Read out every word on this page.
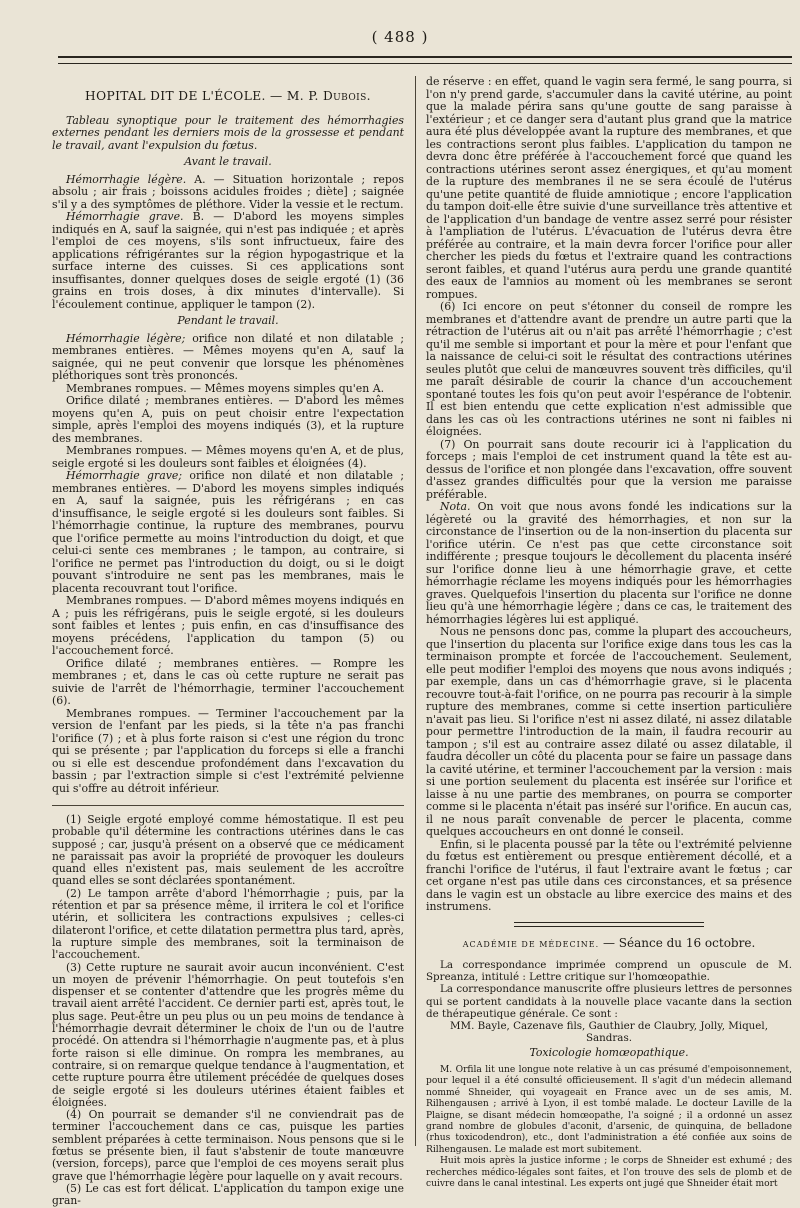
( 488 )

HOPITAL DIT DE L'ÉCOLE. — M. P. Dubois.

Tableau synoptique pour le traitement des hémorrhagies externes pendant les derniers mois de la grossesse et pendant le travail, avant l'expulsion du fœtus.

Avant le travail.

Hémorrhagie légère. A. — Situation horizontale ; repos absolu ; air frais ; boissons acidules froides ; diète] ; saignée s'il y a des symptômes de pléthore. Vider la vessie et le rectum.

Hémorrhagie grave. B. — D'abord les moyens simples indiqués en A, sauf la saignée, qui n'est pas indiquée ; et après l'emploi de ces moyens, s'ils sont infructueux, faire des applications réfrigérantes sur la région hypogastrique et la surface interne des cuisses. Si ces applications sont insuffisantes, donner quelques doses de seigle ergoté (1) (36 grains en trois doses, à dix minutes d'intervalle). Si l'écoulement continue, appliquer le tampon (2).

Pendant le travail.

Hémorrhagie légère; orifice non dilaté et non dilatable ; membranes entières. — Mêmes moyens qu'en A, sauf la saignée, qui ne peut convenir que lorsque les phénomènes pléthoriques sont très prononcés.

Membranes rompues. — Mêmes moyens simples qu'en A.

Orifice dilaté ; membranes entières. — D'abord les mêmes moyens qu'en A, puis on peut choisir entre l'expectation simple, après l'emploi des moyens indiqués (3), et la rupture des membranes.

Membranes rompues. — Mêmes moyens qu'en A, et de plus, seigle ergoté si les douleurs sont faibles et éloignées (4).

Hémorrhagie grave; orifice non dilaté et non dilatable ; membranes entières. — D'abord les moyens simples indiqués en A, sauf la saignée, puis les réfrigérans ; en cas d'insuffisance, le seigle ergoté si les douleurs sont faibles. Si l'hémorrhagie continue, la rupture des membranes, pourvu que l'orifice permette au moins l'introduction du doigt, et que celui-ci sente ces membranes ; le tampon, au contraire, si l'orifice ne permet pas l'introduction du doigt, ou si le doigt pouvant s'introduire ne sent pas les membranes, mais le placenta recouvrant tout l'orifice.

Membranes rompues. — D'abord mêmes moyens indiqués en A ; puis les réfrigérans, puis le seigle ergoté, si les douleurs sont faibles et lentes ; puis enfin, en cas d'insuffisance des moyens précédens, l'application du tampon (5) ou l'accouchement forcé.

Orifice dilaté ; membranes entières. — Rompre les membranes ; et, dans le cas où cette rupture ne serait pas suivie de l'arrêt de l'hémorrhagie, terminer l'accouchement (6).

Membranes rompues. — Terminer l'accouchement par la version de l'enfant par les pieds, si la tête n'a pas franchi l'orifice (7) ; et à plus forte raison si c'est une région du tronc qui se présente ; par l'application du forceps si elle a franchi ou si elle est descendue profondément dans l'excavation du bassin ; par l'extraction simple si c'est l'extrémité pelvienne qui s'offre au détroit inférieur.

(1) Seigle ergoté employé comme hémostatique. Il est peu probable qu'il détermine les contractions utérines dans le cas supposé ; car, jusqu'à présent on a observé que ce médicament ne paraissait pas avoir la propriété de provoquer les douleurs quand elles n'existent pas, mais seulement de les accroître quand elles se sont déclarées spontanément.

(2) Le tampon arrête d'abord l'hémorrhagie ; puis, par la rétention et par sa présence même, il irritera le col et l'orifice utérin, et sollicitera les contractions expulsives ; celles-ci dilateront l'orifice, et cette dilatation permettra plus tard, après, la rupture simple des membranes, soit la terminaison de l'accouchement.

(3) Cette rupture ne saurait avoir aucun inconvénient. C'est un moyen de prévenir l'hémorrhagie. On peut toutefois s'en dispenser et se contenter d'attendre que les progrès même du travail aient arrêté l'accident. Ce dernier parti est, après tout, le plus sage. Peut-être un peu plus ou un peu moins de tendance à l'hémorrhagie devrait déterminer le choix de l'un ou de l'autre procédé. On attendra si l'hémorrhagie n'augmente pas, et à plus forte raison si elle diminue. On rompra les membranes, au contraire, si on remarque quelque tendance à l'augmentation, et cette rupture pourra être utilement précédée de quelques doses de seigle ergoté si les douleurs utérines étaient faibles et éloignées.

(4) On pourrait se demander s'il ne conviendrait pas de terminer l'accouchement dans ce cas, puisque les parties semblent préparées à cette terminaison. Nous pensons que si le fœtus se présente bien, il faut s'abstenir de toute manœuvre (version, forceps), parce que l'emploi de ces moyens serait plus grave que l'hémorrhagie légère pour laquelle on y avait recours.

(5) Le cas est fort délicat. L'application du tampon exige une gran-

de réserve : en effet, quand le vagin sera fermé, le sang pourra, si l'on n'y prend garde, s'accumuler dans la cavité utérine, au point que la malade périra sans qu'une goutte de sang paraisse à l'extérieur ; et ce danger sera d'autant plus grand que la matrice aura été plus développée avant la rupture des membranes, et que les contractions seront plus faibles. L'application du tampon ne devra donc être préférée à l'accouchement forcé que quand les contractions utérines seront assez énergiques, et qu'au moment de la rupture des membranes il ne se sera écoulé de l'utérus qu'une petite quantité de fluide amniotique ; encore l'application du tampon doit-elle être suivie d'une surveillance très attentive et de l'application d'un bandage de ventre assez serré pour résister à l'ampliation de l'utérus. L'évacuation de l'utérus devra être préférée au contraire, et la main devra forcer l'orifice pour aller chercher les pieds du fœtus et l'extraire quand les contractions seront faibles, et quand l'utérus aura perdu une grande quantité des eaux de l'amnios au moment où les membranes se seront rompues.

(6) Ici encore on peut s'étonner du conseil de rompre les membranes et d'attendre avant de prendre un autre parti que la rétraction de l'utérus ait ou n'ait pas arrêté l'hémorrhagie ; c'est qu'il me semble si important et pour la mère et pour l'enfant que la naissance de celui-ci soit le résultat des contractions utérines seules plutôt que celui de manœuvres souvent très difficiles, qu'il me paraît désirable de courir la chance d'un accouchement spontané toutes les fois qu'on peut avoir l'espérance de l'obtenir. Il est bien entendu que cette explication n'est admissible que dans les cas où les contractions utérines ne sont ni faibles ni éloignées.

(7) On pourrait sans doute recourir ici à l'application du forceps ; mais l'emploi de cet instrument quand la tête est au-dessus de l'orifice et non plongée dans l'excavation, offre souvent d'assez grandes difficultés pour que la version me paraisse préférable.

Nota. On voit que nous avons fondé les indications sur la légèreté ou la gravité des hémorrhagies, et non sur la circonstance de l'insertion ou de la non-insertion du placenta sur l'orifice utérin. Ce n'est pas que cette circonstance soit indifférente ; presque toujours le décollement du placenta inséré sur l'orifice donne lieu à une hémorrhagie grave, et cette hémorrhagie réclame les moyens indiqués pour les hémorrhagies graves. Quelquefois l'insertion du placenta sur l'orifice ne donne lieu qu'à une hémorrhagie légère ; dans ce cas, le traitement des hémorrhagies légères lui est appliqué.

Nous ne pensons donc pas, comme la plupart des accoucheurs, que l'insertion du placenta sur l'orifice exige dans tous les cas la terminaison prompte et forcée de l'accouchement. Seulement, elle peut modifier l'emploi des moyens que nous avons indiqués ; par exemple, dans un cas d'hémorrhagie grave, si le placenta recouvre tout-à-fait l'orifice, on ne pourra pas recourir à la simple rupture des membranes, comme si cette insertion particulière n'avait pas lieu. Si l'orifice n'est ni assez dilaté, ni assez dilatable pour permettre l'introduction de la main, il faudra recourir au tampon ; s'il est au contraire assez dilaté ou assez dilatable, il faudra décoller un côté du placenta pour se faire un passage dans la cavité utérine, et terminer l'accouchement par la version : mais si une portion seulement du placenta est insérée sur l'orifice et laisse à nu une partie des membranes, on pourra se comporter comme si le placenta n'était pas inséré sur l'orifice. En aucun cas, il ne nous paraît convenable de percer le placenta, comme quelques accoucheurs en ont donné le conseil.

Enfin, si le placenta poussé par la tête ou l'extrémité pelvienne du fœtus est entièrement ou presque entièrement décollé, et a franchi l'orifice de l'utérus, il faut l'extraire avant le fœtus ; car cet organe n'est pas utile dans ces circonstances, et sa présence dans le vagin est un obstacle au libre exercice des mains et des instrumens.

ACADÉMIE DE MÉDECINE. — Séance du 16 octobre.

La correspondance imprimée comprend un opuscule de M. Spreanza, intitulé : Lettre critique sur l'homœopathie.

La correspondance manuscrite offre plusieurs lettres de personnes qui se portent candidats à la nouvelle place vacante dans la section de thérapeutique générale. Ce sont :

MM. Bayle, Cazenave fils, Gauthier de Claubry, Jolly, Miquel, Sandras.

Toxicologie homœopathique.

M. Orfila lit une longue note relative à un cas présumé d'empoisonnement, pour lequel il a été consulté officieusement. Il s'agit d'un médecin allemand nommé Shneider, qui voyageait en France avec un de ses amis, M. Rilhengausen ; arrivé à Lyon, il est tombé malade. Le docteur Laville de la Plaigne, se disant médecin homœopathe, l'a soigné ; il a ordonné un assez grand nombre de globules d'aconit, d'arsenic, de quinquina, de belladone (rhus toxicodendron), etc., dont l'administration a été confiée aux soins de Rilhengausen. Le malade est mort subitement.

Huit mois après la justice informe ; le corps de Shneider est exhumé ; des recherches médico-légales sont faites, et l'on trouve des sels de plomb et de cuivre dans le canal intestinal. Les experts ont jugé que Shneider était mort
